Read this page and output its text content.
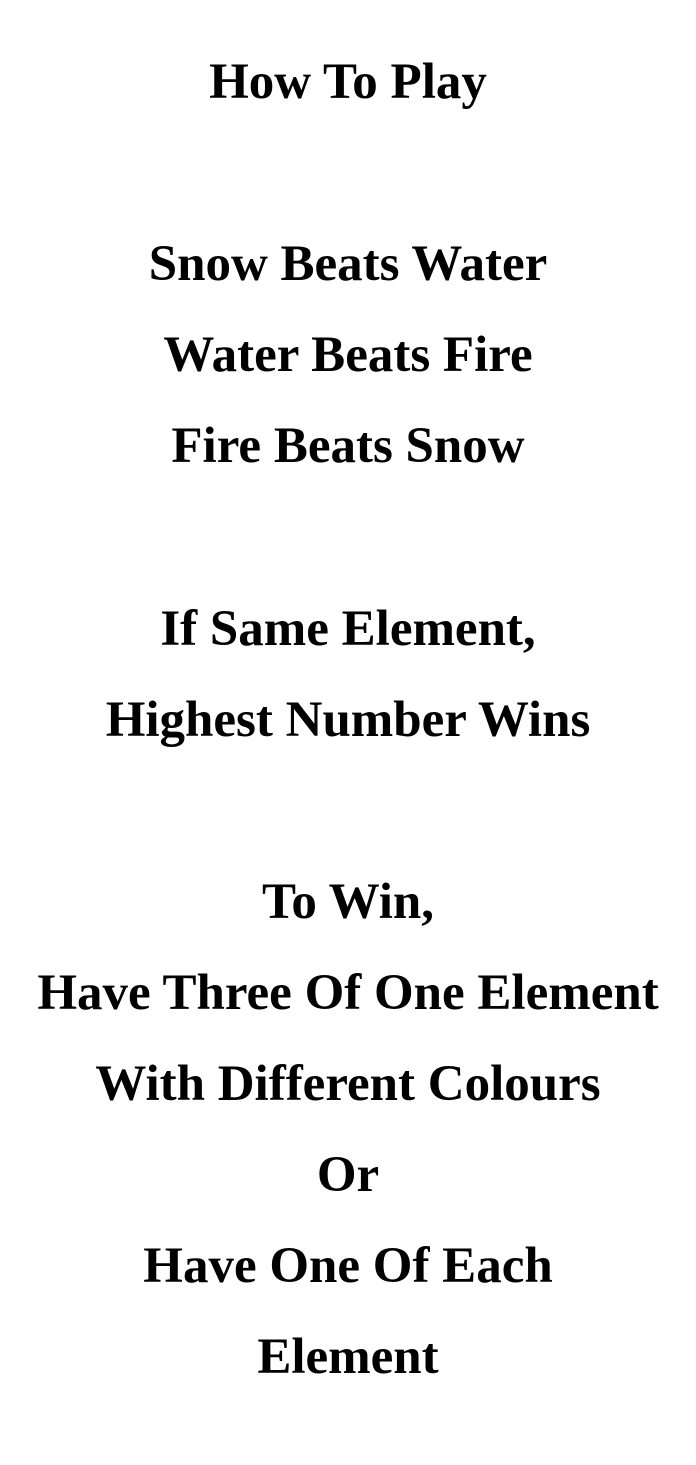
How To Play
Snow Beats Water
Water Beats Fire
Fire Beats Snow
If Same Element,
Highest Number Wins
To Win,
Have Three Of One Element
With Different Colours
Or
Have One Of Each
Element
